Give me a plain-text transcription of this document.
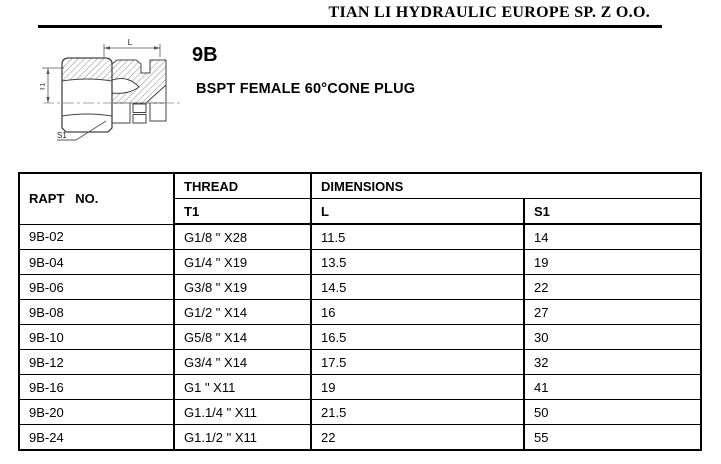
TIAN LI HYDRAULIC EUROPE SP. Z O.O.
L
T1
S1
9B
BSPT FEMALE 60°CONE PLUG
RAPT   NO.	THREAD	DIMENSIONS	
	T1	L	S1
9B-02	G1/8 " X28	11.5	14
9B-04	G1/4 " X19	13.5	19
9B-06	G3/8 " X19	14.5	22
9B-08	G1/2 " X14	16	27
9B-10	G5/8 " X14	16.5	30
9B-12	G3/4 " X14	17.5	32
9B-16	G1 " X11	19	41
9B-20	G1.1/4 " X11	21.5	50
9B-24	G1.1/2 " X11	22	55
